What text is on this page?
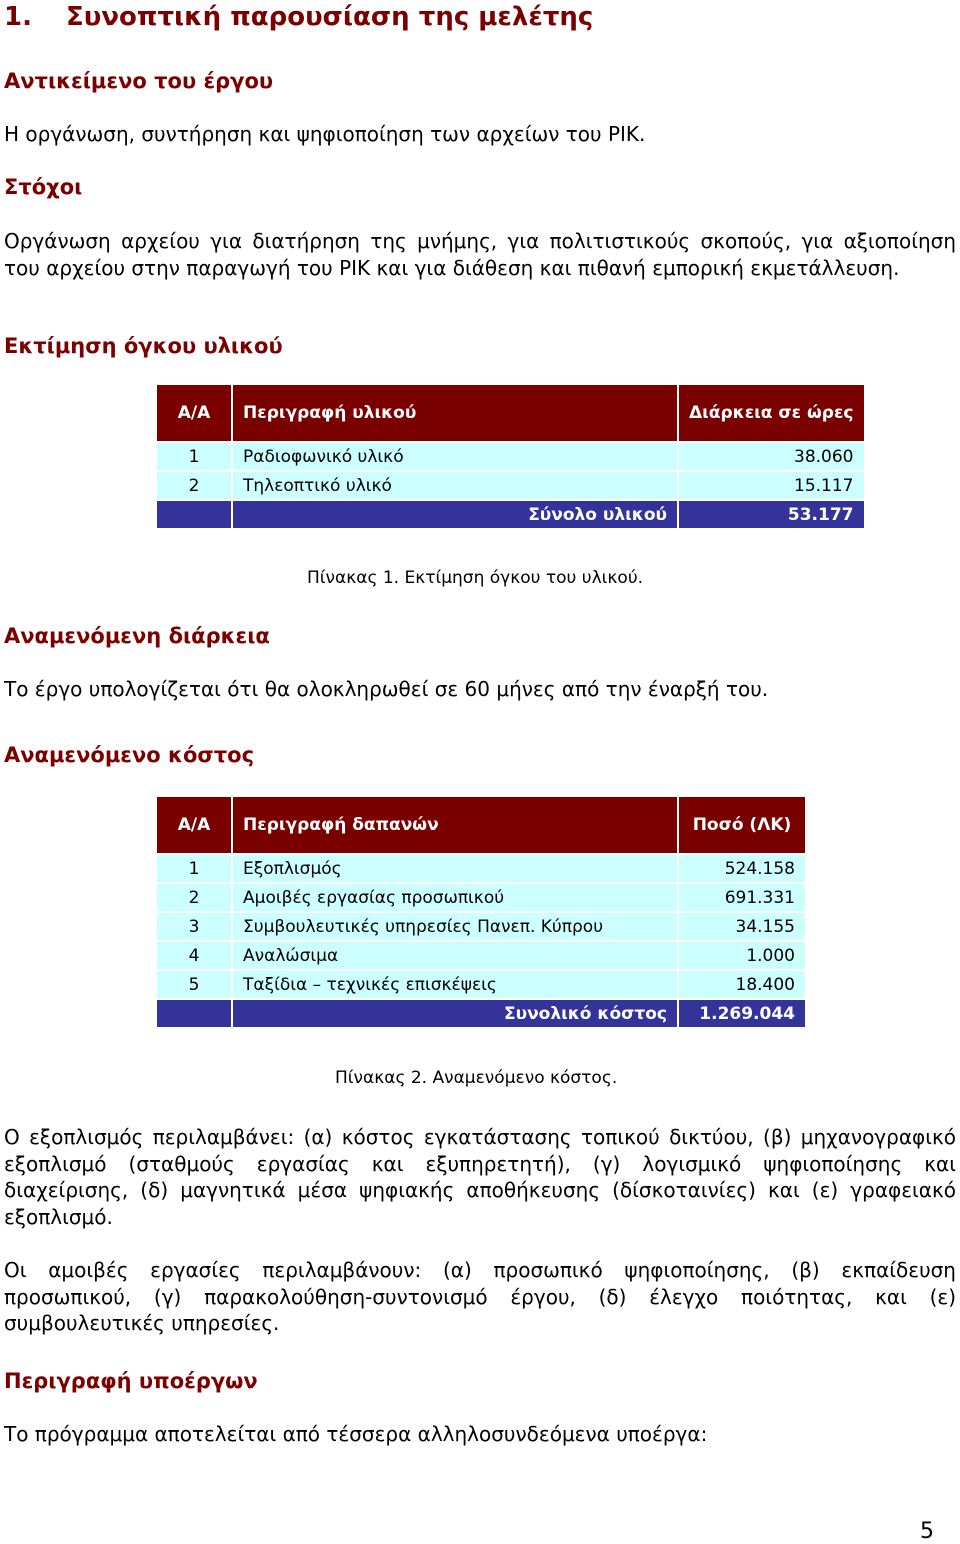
1. Συνοπτική παρουσίαση της μελέτης
Αντικείμενο του έργου
Η οργάνωση, συντήρηση και ψηφιοποίηση των αρχείων του ΡΙΚ.
Στόχοι
Οργάνωση αρχείου για διατήρηση της μνήμης, για πολιτιστικούς σκοπούς, για αξιοποίηση του αρχείου στην παραγωγή του ΡΙΚ και για διάθεση και πιθανή εμπορική εκμετάλλευση.
Εκτίμηση όγκου υλικού
Α/Α	Περιγραφή υλικού	Διάρκεια σε ώρες
1	Ραδιοφωνικό υλικό	38.060
2	Τηλεοπτικό υλικό	15.117
	Σύνολο υλικού	53.177
Πίνακας 1. Εκτίμηση όγκου του υλικού.
Αναμενόμενη διάρκεια
Το έργο υπολογίζεται ότι θα ολοκληρωθεί σε 60 μήνες από την έναρξή του.
Αναμενόμενο κόστος
Α/Α	Περιγραφή δαπανών	Ποσό (ΛΚ)
1	Εξοπλισμός	524.158
2	Αμοιβές εργασίας προσωπικού	691.331
3	Συμβουλευτικές υπηρεσίες Πανεπ. Κύπρου	34.155
4	Αναλώσιμα	1.000
5	Ταξίδια – τεχνικές επισκέψεις	18.400
	Συνολικό κόστος	1.269.044
Πίνακας 2. Αναμενόμενο κόστος.
Ο εξοπλισμός περιλαμβάνει: (α) κόστος εγκατάστασης τοπικού δικτύου, (β) μηχανογραφικό εξοπλισμό (σταθμούς εργασίας και εξυπηρετητή), (γ) λογισμικό ψηφιοποίησης και διαχείρισης, (δ) μαγνητικά μέσα ψηφιακής αποθήκευσης (δίσκοταινίες) και (ε) γραφειακό εξοπλισμό.
Οι αμοιβές εργασίες περιλαμβάνουν: (α) προσωπικό ψηφιοποίησης, (β) εκπαίδευση προσωπικού, (γ) παρακολούθηση-συντονισμό έργου, (δ) έλεγχο ποιότητας, και (ε) συμβουλευτικές υπηρεσίες.
Περιγραφή υποέργων
Το πρόγραμμα αποτελείται από τέσσερα αλληλοσυνδεόμενα υποέργα:
5
